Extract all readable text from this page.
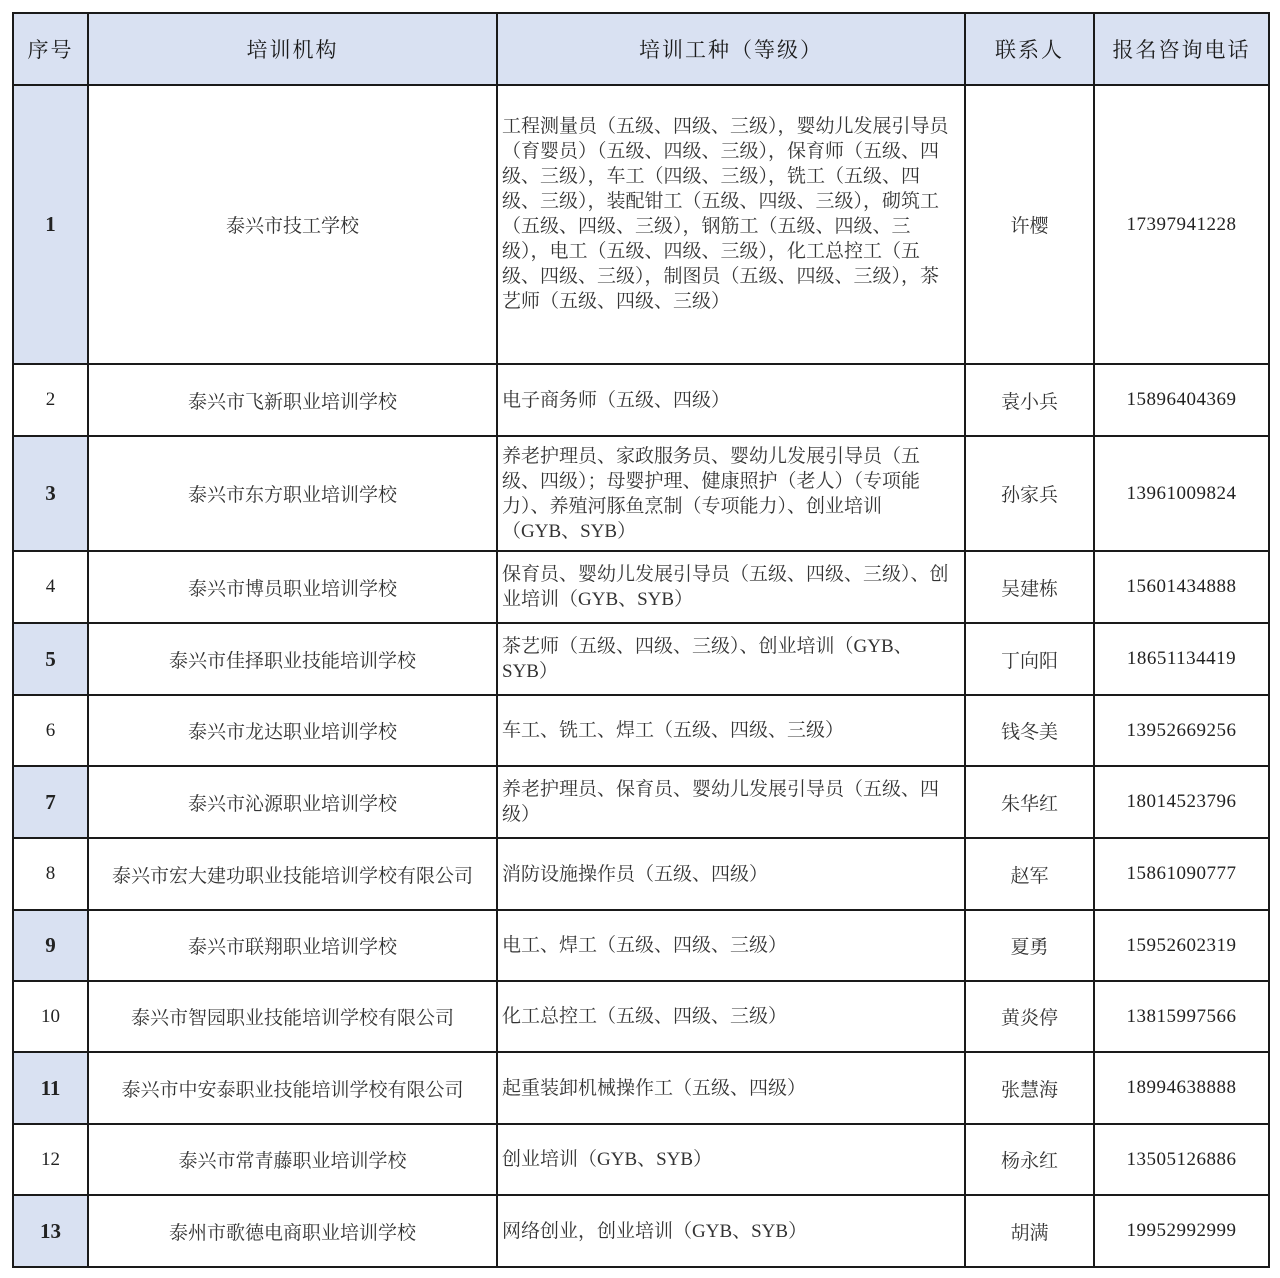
序号	培训机构	培训工种（等级）	联系人	报名咨询电话
1	泰兴市技工学校	工程测量员（五级、四级、三级），婴幼儿发展引导员（育婴员）（五级、四级、三级），保育师（五级、四级、三级），车工（四级、三级），铣工（五级、四级、三级），装配钳工（五级、四级、三级），砌筑工（五级、四级、三级），钢筋工（五级、四级、三级），电工（五级、四级、三级），化工总控工（五级、四级、三级），制图员（五级、四级、三级），茶艺师（五级、四级、三级）	许樱	17397941228
2	泰兴市飞新职业培训学校	电子商务师（五级、四级）	袁小兵	15896404369
3	泰兴市东方职业培训学校	养老护理员、家政服务员、婴幼儿发展引导员（五级、四级）；母婴护理、健康照护（老人）（专项能力）、养殖河豚鱼烹制（专项能力）、创业培训（GYB、SYB）	孙家兵	13961009824
4	泰兴市博员职业培训学校	保育员、婴幼儿发展引导员（五级、四级、三级）、创业培训（GYB、SYB）	吴建栋	15601434888
5	泰兴市佳择职业技能培训学校	茶艺师（五级、四级、三级）、创业培训（GYB、SYB）	丁向阳	18651134419
6	泰兴市龙达职业培训学校	车工、铣工、焊工（五级、四级、三级）	钱冬美	13952669256
7	泰兴市沁源职业培训学校	养老护理员、保育员、婴幼儿发展引导员（五级、四级）	朱华红	18014523796
8	泰兴市宏大建功职业技能培训学校有限公司	消防设施操作员（五级、四级）	赵军	15861090777
9	泰兴市联翔职业培训学校	电工、焊工（五级、四级、三级）	夏勇	15952602319
10	泰兴市智园职业技能培训学校有限公司	化工总控工（五级、四级、三级）	黄炎停	13815997566
11	泰兴市中安泰职业技能培训学校有限公司	起重装卸机械操作工（五级、四级）	张慧海	18994638888
12	泰兴市常青藤职业培训学校	创业培训（GYB、SYB）	杨永红	13505126886
13	泰州市歌德电商职业培训学校	网络创业，创业培训（GYB、SYB）	胡满	19952992999
